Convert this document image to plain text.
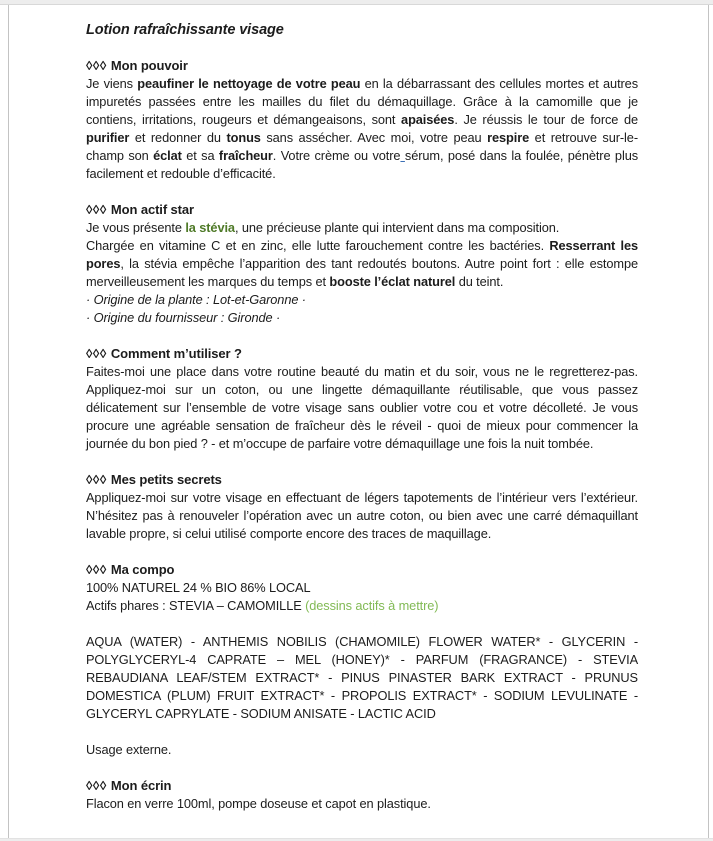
Lotion rafraîchissante visage
◊◊◊ Mon pouvoir

Je viens peaufiner le nettoyage de votre peau en la débarrassant des cellules mortes et autres impuretés passées entre les mailles du filet du démaquillage. Grâce à la camomille que je contiens, irritations, rougeurs et démangeaisons, sont apaisées. Je réussis le tour de force de purifier et redonner du tonus sans assécher. Avec moi, votre peau respire et retrouve sur-le-champ son éclat et sa fraîcheur. Votre crème ou votre sérum, posé dans la foulée, pénètre plus facilement et redouble d’efficacité.

◊◊◊ Mon actif star

Je vous présente la stévia, une précieuse plante qui intervient dans ma composition.
Chargée en vitamine C et en zinc, elle lutte farouchement contre les bactéries. Resserrant les pores, la stévia empêche l’apparition des tant redoutés boutons. Autre point fort : elle estompe merveilleusement les marques du temps et booste l’éclat naturel du teint.

· Origine de la plante : Lot-et-Garonne ·
· Origine du fournisseur : Gironde ·

◊◊◊ Comment m’utiliser ?

Faites-moi une place dans votre routine beauté du matin et du soir, vous ne le regretterez-pas. Appliquez-moi sur un coton, ou une lingette démaquillante réutilisable, que vous passez délicatement sur l’ensemble de votre visage sans oublier votre cou et votre décolleté. Je vous procure une agréable sensation de fraîcheur dès le réveil - quoi de mieux pour commencer la journée du bon pied ? - et m’occupe de parfaire votre démaquillage une fois la nuit tombée.

◊◊◊ Mes petits secrets

Appliquez-moi sur votre visage en effectuant de légers tapotements de l’intérieur vers l’extérieur. N’hésitez pas à renouveler l’opération avec un autre coton, ou bien avec une carré démaquillant lavable propre, si celui utilisé comporte encore des traces de maquillage.

◊◊◊ Ma compo

100% NATUREL 24 % BIO 86% LOCAL
Actifs phares : STEVIA – CAMOMILLE (dessins actifs à mettre)

AQUA (WATER) - ANTHEMIS NOBILIS (CHAMOMILE) FLOWER WATER* - GLYCERIN - POLYGLYCERYL-4 CAPRATE – MEL (HONEY)* - PARFUM (FRAGRANCE) - STEVIA REBAUDIANA LEAF/STEM EXTRACT* - PINUS PINASTER BARK EXTRACT - PRUNUS DOMESTICA (PLUM) FRUIT EXTRACT* - PROPOLIS EXTRACT* - SODIUM LEVULINATE - GLYCERYL CAPRYLATE - SODIUM ANISATE - LACTIC ACID

Usage externe.

◊◊◊ Mon écrin

Flacon en verre 100ml, pompe doseuse et capot en plastique.
